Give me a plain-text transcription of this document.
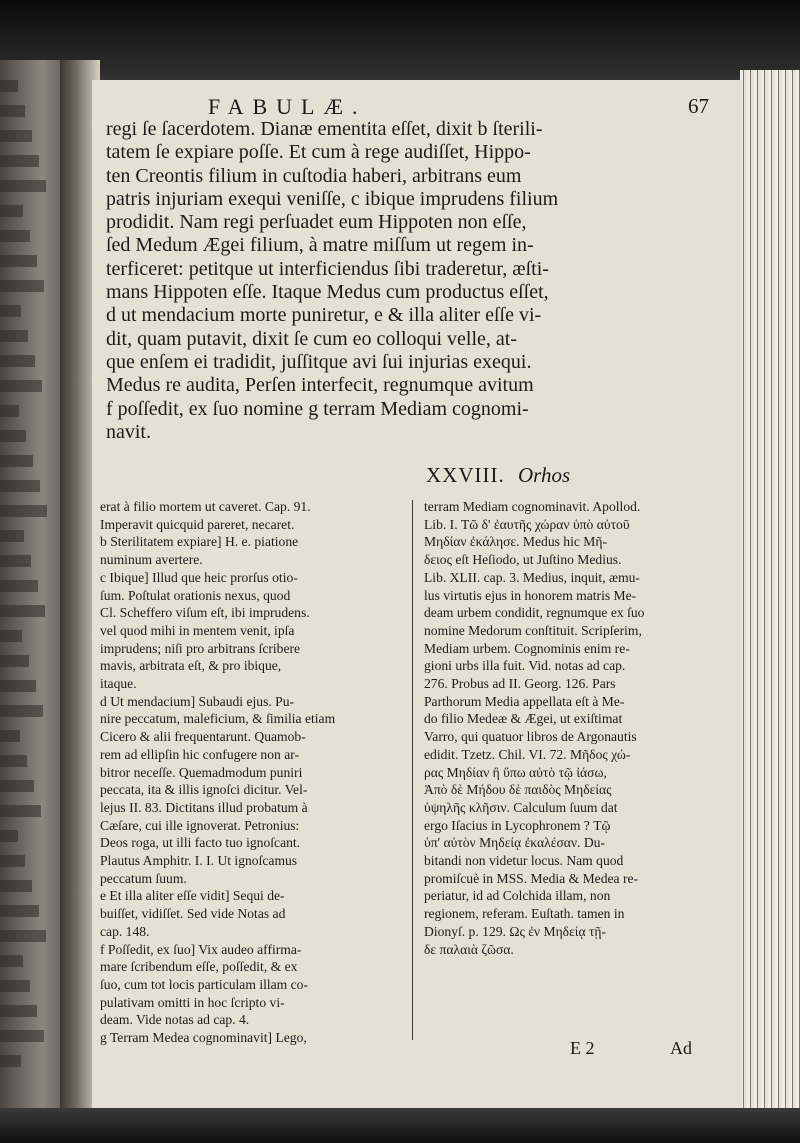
FABULÆ.	67
regi ſe ſacerdotem. Dianæ ementita eſſet, dixit b ſterili-
tatem ſe expiare poſſe. Et cum à rege audiſſet, Hippo-
ten Creontis filium in cuſtodia haberi, arbitrans eum
patris injuriam exequi veniſſe, c ibique imprudens filium
prodidit. Nam regi perſuadet eum Hippoten non eſſe,
ſed Medum Ægei filium, à matre miſſum ut regem in-
terficeret: petitque ut interficiendus ſibi traderetur, æſti-
mans Hippoten eſſe. Itaque Medus cum productus eſſet,
d ut mendacium morte puniretur, e & illa aliter eſſe vi-
dit, quam putavit, dixit ſe cum eo colloqui velle, at-
que enſem ei tradidit, juſſitque avi ſui injurias exequi.
Medus re audita, Perſen interfecit, regnumque avitum
f poſſedit, ex ſuo nomine g terram Mediam cognomi-
navit.
XXVIII. Orhos
erat à filio mortem ut caveret. Cap. 91.
Imperavit quicquid pareret, necaret.
b Sterilitatem expiare] H. e. piatione
numinum avertere.
c Ibique] Illud que heic prorſus otio-
ſum. Poſtulat orationis nexus, quod
Cl. Scheffero viſum eſt, ibi imprudens.
vel quod mihi in mentem venit, ipſa
imprudens; niſi pro arbitrans ſcribere
mavis, arbitrata eſt, & pro ibique,
itaque.
d Ut mendacium] Subaudi ejus. Pu-
nire peccatum, maleficium, & ſimilia etiam
Cicero & alii frequentarunt. Quamob-
rem ad ellipſin hic confugere non ar-
bitror neceſſe. Quemadmodum puniri
peccata, ita & illis ignoſci dicitur. Vel-
lejus II. 83. Dictitans illud probatum à
Cæſare, cui ille ignoverat. Petronius:
Deos roga, ut illi facto tuo ignoſcant.
Plautus Amphitr. I. I. Ut ignoſcamus
peccatum ſuum.
e Et illa aliter eſſe vidit] Sequi de-
buiſſet, vidiſſet. Sed vide Notas ad
cap. 148.
f Poſſedit, ex ſuo] Vix audeo affirma-
mare ſcribendum eſſe, poſſedit, & ex
ſuo, cum tot locis particulam illam co-
pulativam omitti in hoc ſcripto vi-
deam. Vide notas ad cap. 4.
g Terram Medea cognominavit] Lego,
terram Mediam cognominavit. Apollod.
Lib. I. Τῶ δ' ἐαυτῆς χώραν ὑπὸ αὐτοῦ
Μηδίαν ἐκάλησε. Medus hic Μῆ-
δειος eſt Heſiodo, ut Juſtino Medius.
Lib. XLII. cap. 3. Medius, inquit, æmu-
lus virtutis ejus in honorem matris Me-
deam urbem condidit, regnumque ex ſuo
nomine Medorum conſtituit. Scripſerim,
Mediam urbem. Cognominis enim re-
gioni urbs illa fuit. Vid. notas ad cap.
276. Probus ad II. Georg. 126. Pars
Parthorum Media appellata eſt à Me-
do filio Medeæ & Ægei, ut exiſtimat
Varro, qui quatuor libros de Argonautis
edidit. Tzetz. Chil. VI. 72. Μῆδος χώ-
ρας Μηδίαν ἢ ὕπω αὐτὸ τῷ ἰάσω,
Ἀπὸ δὲ Μήδου δὲ παιδὸς Μηδείας
ὑψηλῆς κλῆσιν. Calculum ſuum dat
ergo Iſacius in Lycophronem ? Τῷ
ὑπ' αὐτὸν Μηδείᾳ ἐκαλέσαν. Du-
bitandi non videtur locus. Nam quod
promiſcuè in MSS. Media & Medea re-
periatur, id ad Colchida illam, non
regionem, referam. Euſtath. tamen in
Dionyſ. p. 129. Ως ἐν Μηδείᾳ τῇ-
δε παλαιὰ ζῶσα.
E 2	Ad
